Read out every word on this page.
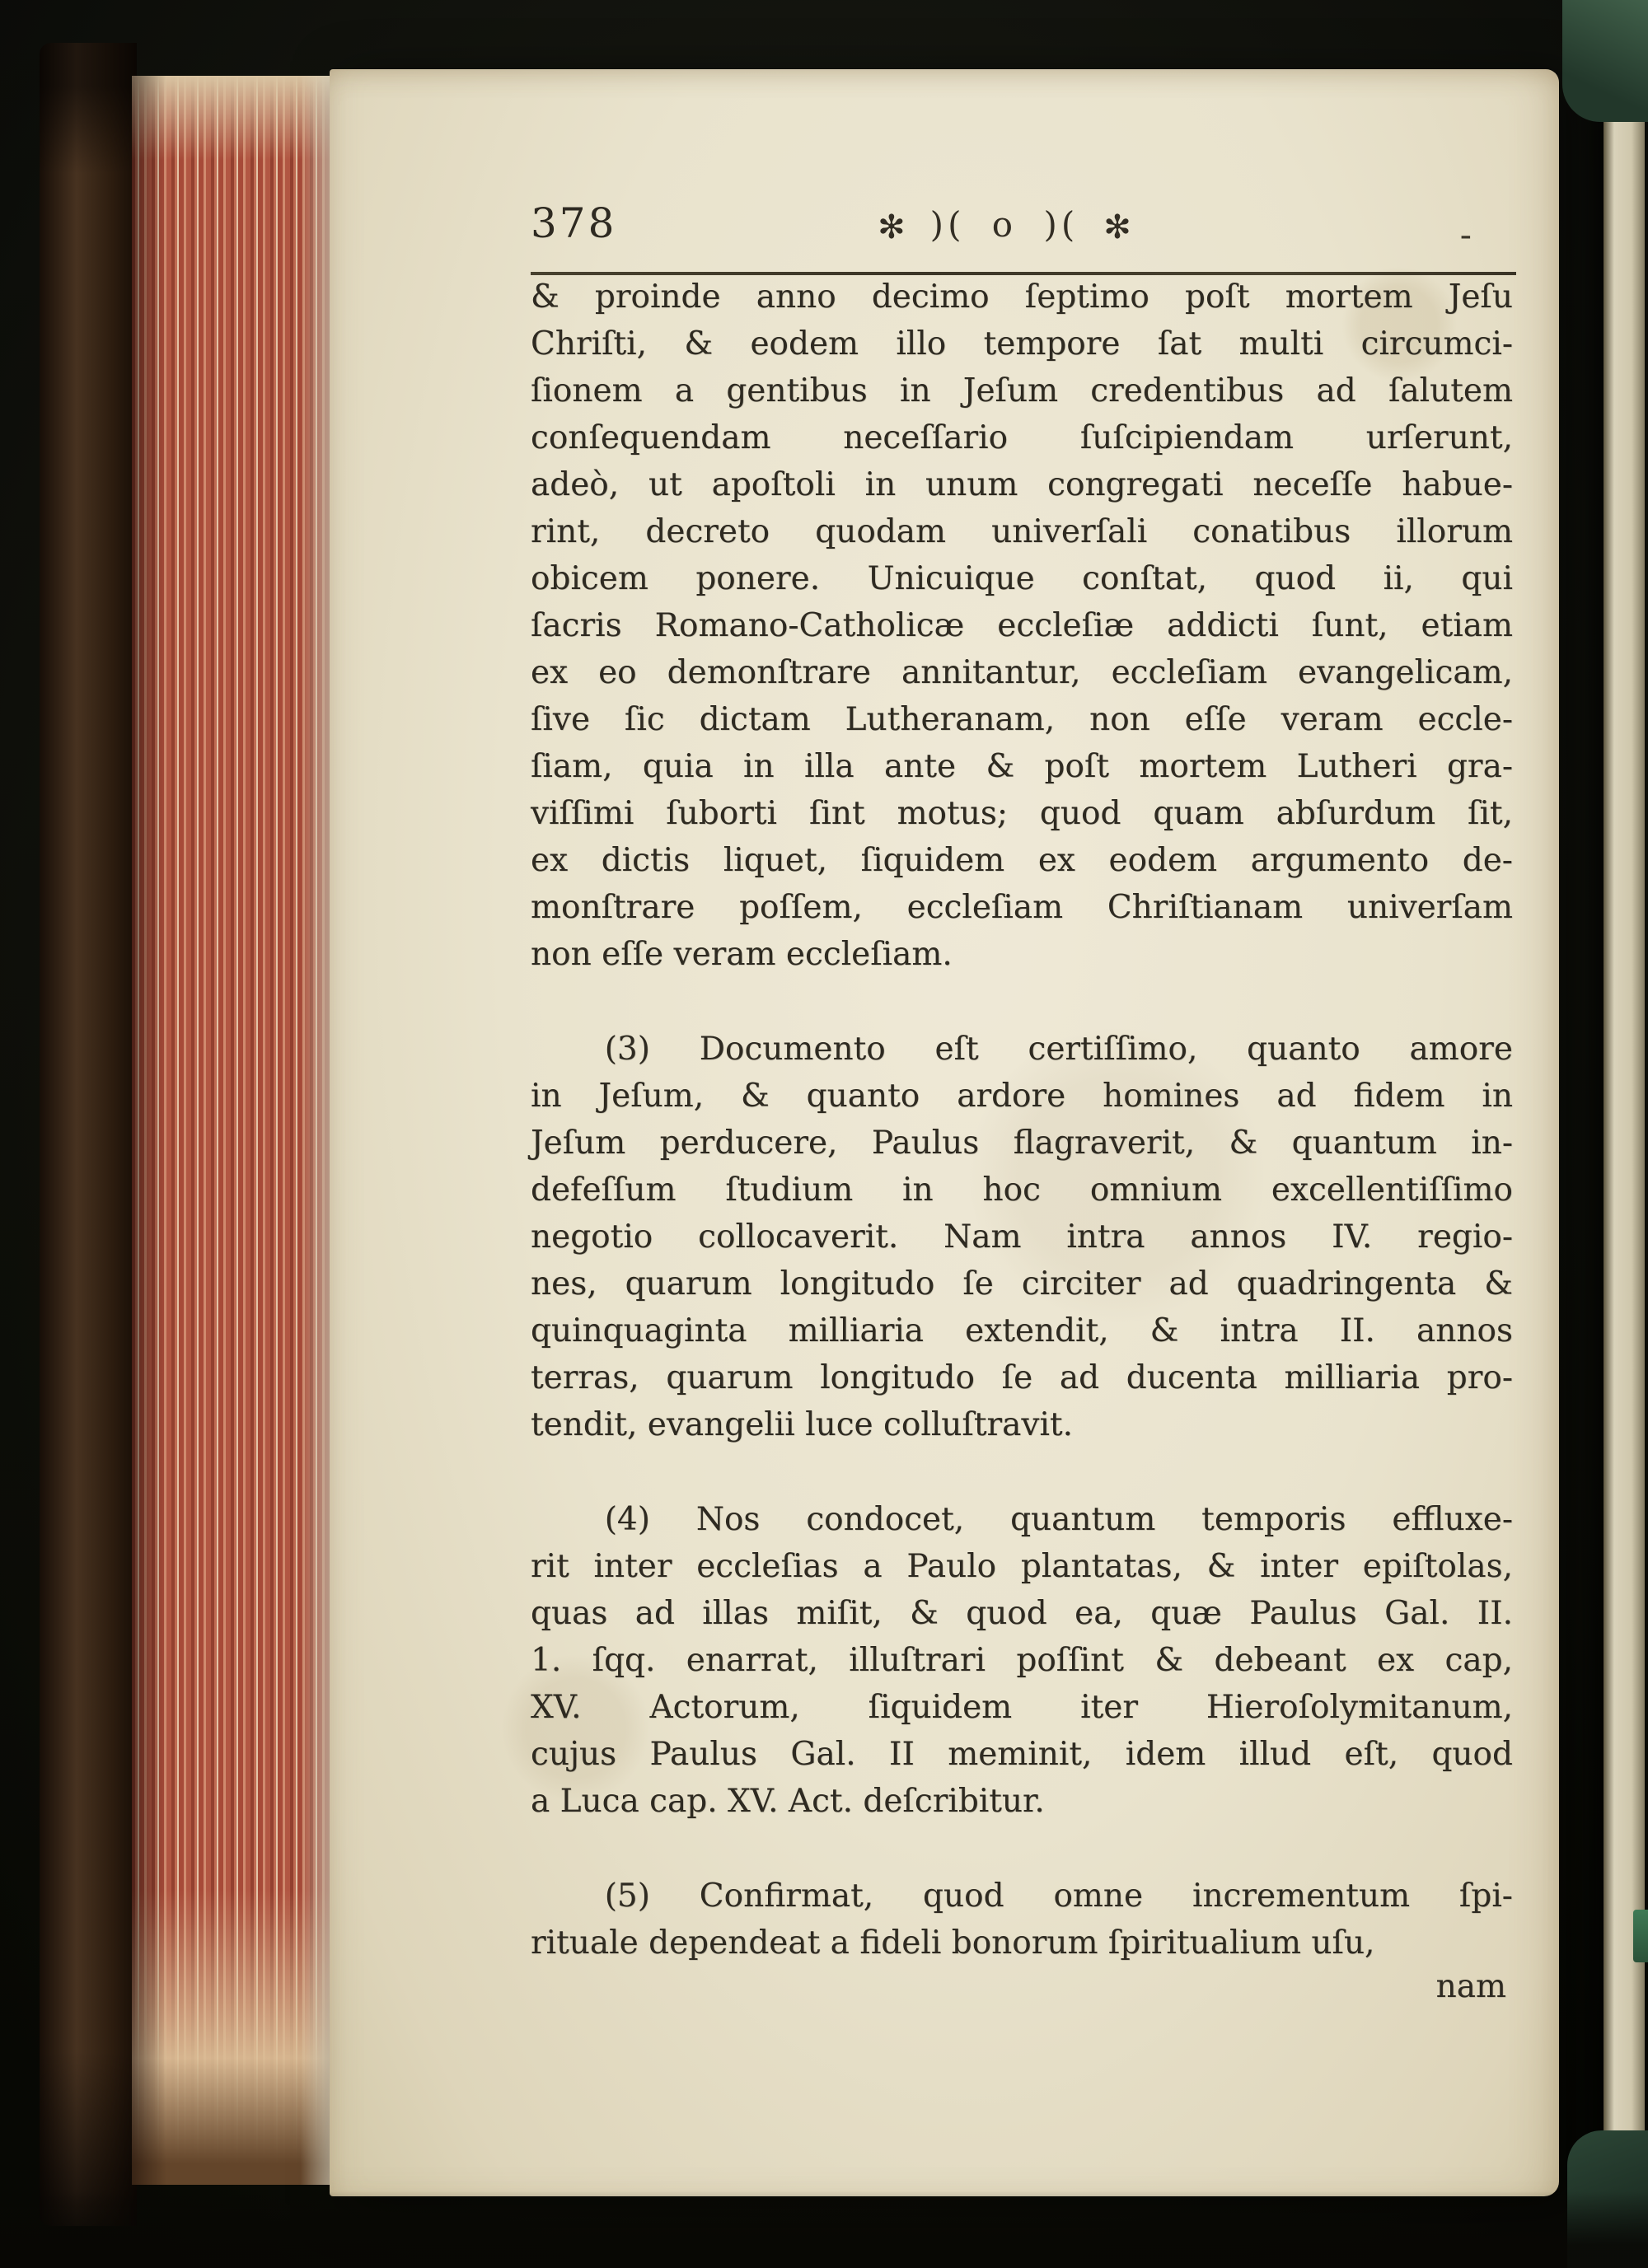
378	✻ )( o )( ✻	-
& proinde anno decimo ſeptimo poſt mortem Jeſu
Chriſti, & eodem illo tempore ſat multi circumci-
ſionem a gentibus in Jeſum credentibus ad ſalutem
conſequendam neceſſario ſuſcipiendam urſerunt,
adeò, ut apoſtoli in unum congregati neceſſe habue-
rint, decreto quodam univerſali conatibus illorum
obicem ponere. Unicuique conſtat, quod ii, qui
ſacris Romano-Catholicæ eccleſiæ addicti ſunt, etiam
ex eo demonſtrare annitantur, eccleſiam evangelicam,
ſive ſic dictam Lutheranam, non eſſe veram eccle-
ſiam, quia in illa ante & poſt mortem Lutheri gra-
viſſimi ſuborti ſint motus; quod quam abſurdum ſit,
ex dictis liquet, ſiquidem ex eodem argumento de-
monſtrare poſſem, eccleſiam Chriſtianam univerſam
non eſſe veram eccleſiam.
(3) Documento eſt certiſſimo, quanto amore
in Jeſum, & quanto ardore homines ad fidem in
Jeſum perducere, Paulus flagraverit, & quantum in-
defeſſum ſtudium in hoc omnium excellentiſſimo
negotio collocaverit. Nam intra annos IV. regio-
nes, quarum longitudo ſe circiter ad quadringenta &
quinquaginta milliaria extendit, & intra II. annos
terras, quarum longitudo ſe ad ducenta milliaria pro-
tendit, evangelii luce colluſtravit.
(4) Nos condocet, quantum temporis effluxe-
rit inter eccleſias a Paulo plantatas, & inter epiſtolas,
quas ad illas miſit, & quod ea, quæ Paulus Gal. II.
1. ſqq. enarrat, illuſtrari poſſint & debeant ex cap,
XV. Actorum, ſiquidem iter Hieroſolymitanum,
cujus Paulus Gal. II meminit, idem illud eſt, quod
a Luca cap. XV. Act. deſcribitur.
(5) Confirmat, quod omne incrementum ſpi-
rituale dependeat a fideli bonorum ſpiritualium uſu,
nam
